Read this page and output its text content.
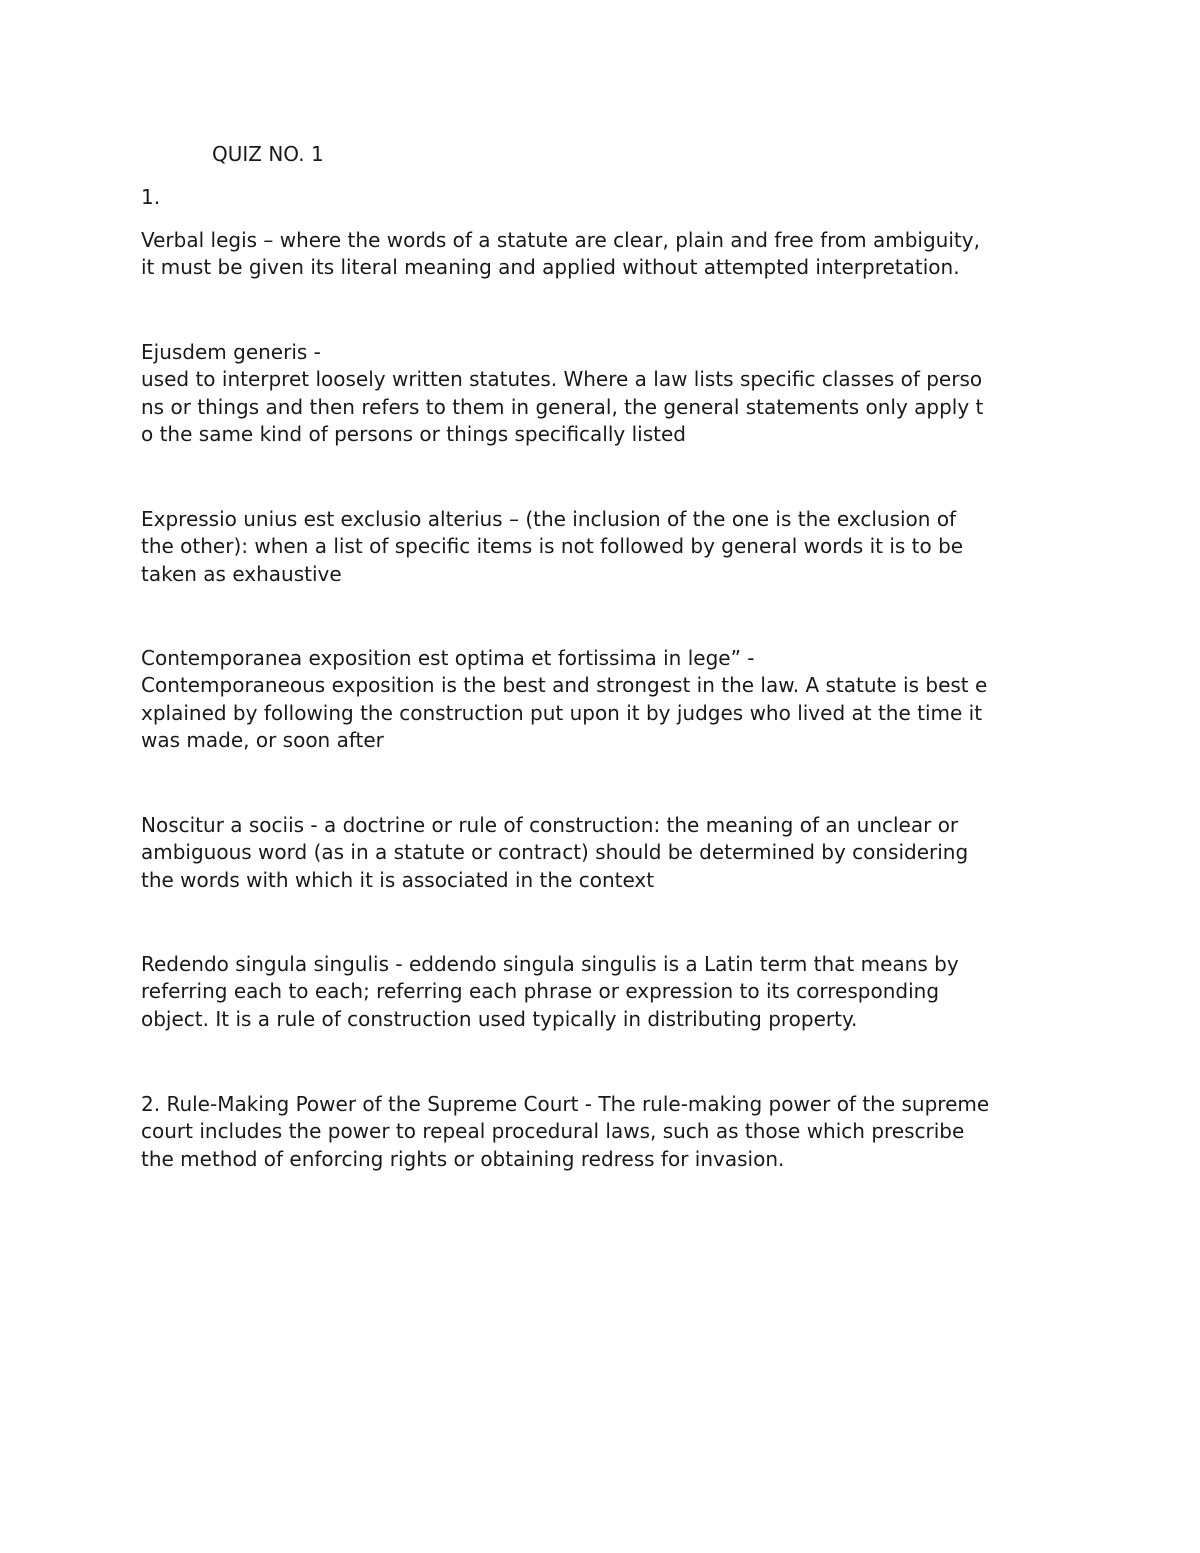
QUIZ NO. 1
1.
Verbal legis – where the words of a statute are clear, plain and free from ambiguity,
it must be given its literal meaning and applied without attempted interpretation.
Ejusdem generis -
used to interpret loosely written statutes. Where a law lists specific classes of perso
ns or things and then refers to them in general, the general statements only apply t
o the same kind of persons or things specifically listed
Expressio unius est exclusio alterius – (the inclusion of the one is the exclusion of
the other): when a list of specific items is not followed by general words it is to be
taken as exhaustive
Contemporanea exposition est optima et fortissima in lege” -
Contemporaneous exposition is the best and strongest in the law. A statute is best e
xplained by following the construction put upon it by judges who lived at the time it
was made, or soon after
Noscitur a sociis - a doctrine or rule of construction: the meaning of an unclear or
ambiguous word (as in a statute or contract) should be determined by considering
the words with which it is associated in the context
Redendo singula singulis - eddendo singula singulis is a Latin term that means by
referring each to each; referring each phrase or expression to its corresponding
object. It is a rule of construction used typically in distributing property.
2. Rule-Making Power of the Supreme Court - The rule-making power of the supreme
court includes the power to repeal procedural laws, such as those which prescribe
the method of enforcing rights or obtaining redress for invasion.
